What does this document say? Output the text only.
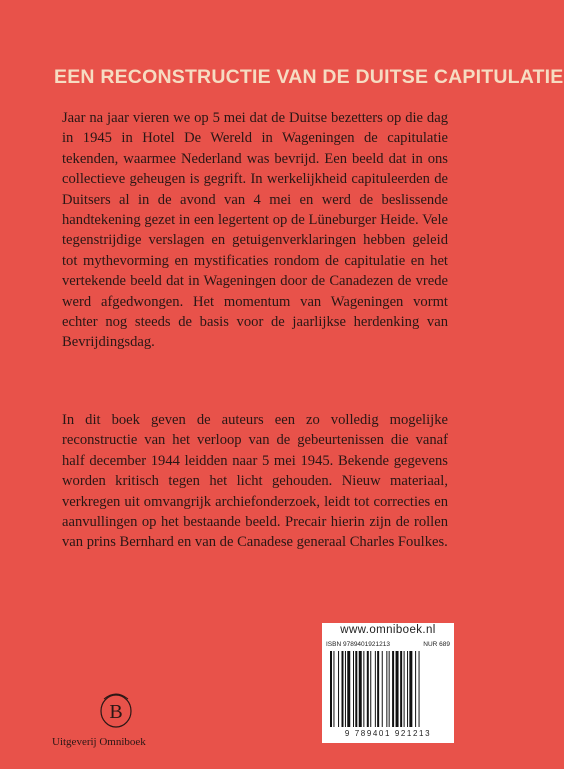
EEN RECONSTRUCTIE VAN DE DUITSE CAPITULATIE

Jaar na jaar vieren we op 5 mei dat de Duitse bezetters op die dag in 1945 in Hotel De Wereld in Wageningen de capitulatie tekenden, waarmee Nederland was bevrijd. Een beeld dat in ons collectieve geheugen is gegrift. In werkelijkheid capituleerden de Duitsers al in de avond van 4 mei en werd de beslissende handtekening gezet in een legertent op de Lüneburger Heide. Vele tegenstrijdige verslagen en getuigenverklaringen hebben geleid tot mythevorming en mystificaties rondom de capitulatie en het vertekende beeld dat in Wageningen door de Canadezen de vrede werd afgedwongen. Het momentum van Wageningen vormt echter nog steeds de basis voor de jaarlijkse herdenking van Bevrijdingsdag.

In dit boek geven de auteurs een zo volledig mogelijke reconstructie van het verloop van de gebeurtenissen die vanaf half december 1944 leidden naar 5 mei 1945. Bekende gegevens worden kritisch tegen het licht gehouden. Nieuw materiaal, verkregen uit omvangrijk archiefonderzoek, leidt tot correcties en aanvullingen op het bestaande beeld. Precair hierin zijn de rollen van prins Bernhard en van de Canadese generaal Charles Foulkes.

B
Uitgeverij Omniboek
www.omniboek.nl
ISBN 9789401921213	NUR 689
9 789401 921213
